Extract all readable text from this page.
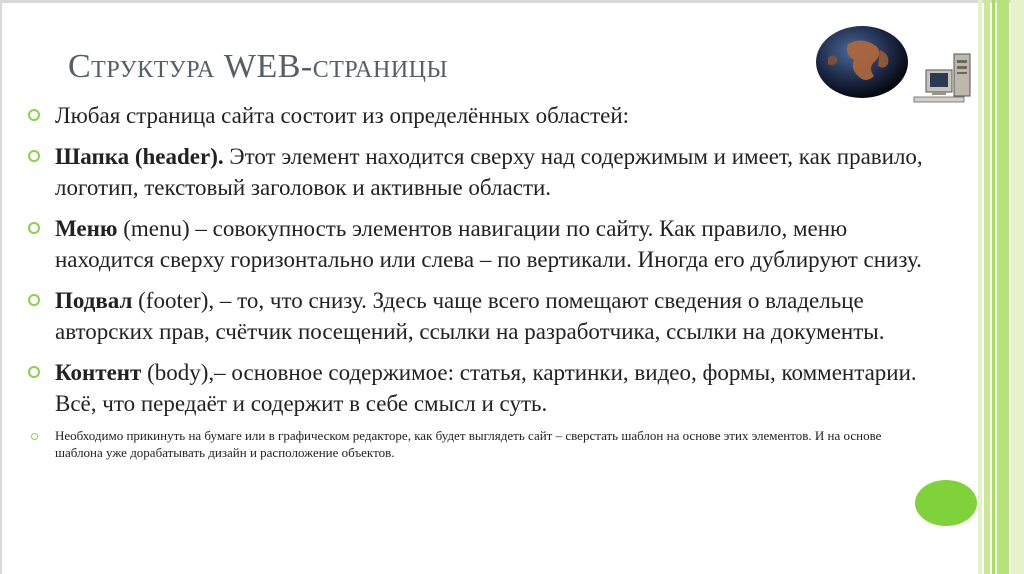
Структура WEB-страницы
Любая страница сайта состоит из определённых областей:
Шапка (header). Этот элемент находится сверху над содержимым и имеет, как правило, логотип, текстовый заголовок и активные области.
Меню (menu) – совокупность элементов навигации по сайту. Как правило, меню находится сверху горизонтально или слева – по вертикали. Иногда его дублируют снизу.
Подвал (footer), – то, что снизу. Здесь чаще всего помещают сведения о владельце авторских прав, счётчик посещений, ссылки на разработчика, ссылки на документы.
Контент (body),– основное содержимое: статья, картинки, видео, формы, комментарии. Всё, что передаёт и содержит в себе смысл и суть.
Необходимо прикинуть на бумаге или в графическом редакторе, как будет выглядеть сайт – сверстать шаблон на основе этих элементов. И на основе шаблона уже дорабатывать дизайн и расположение объектов.
